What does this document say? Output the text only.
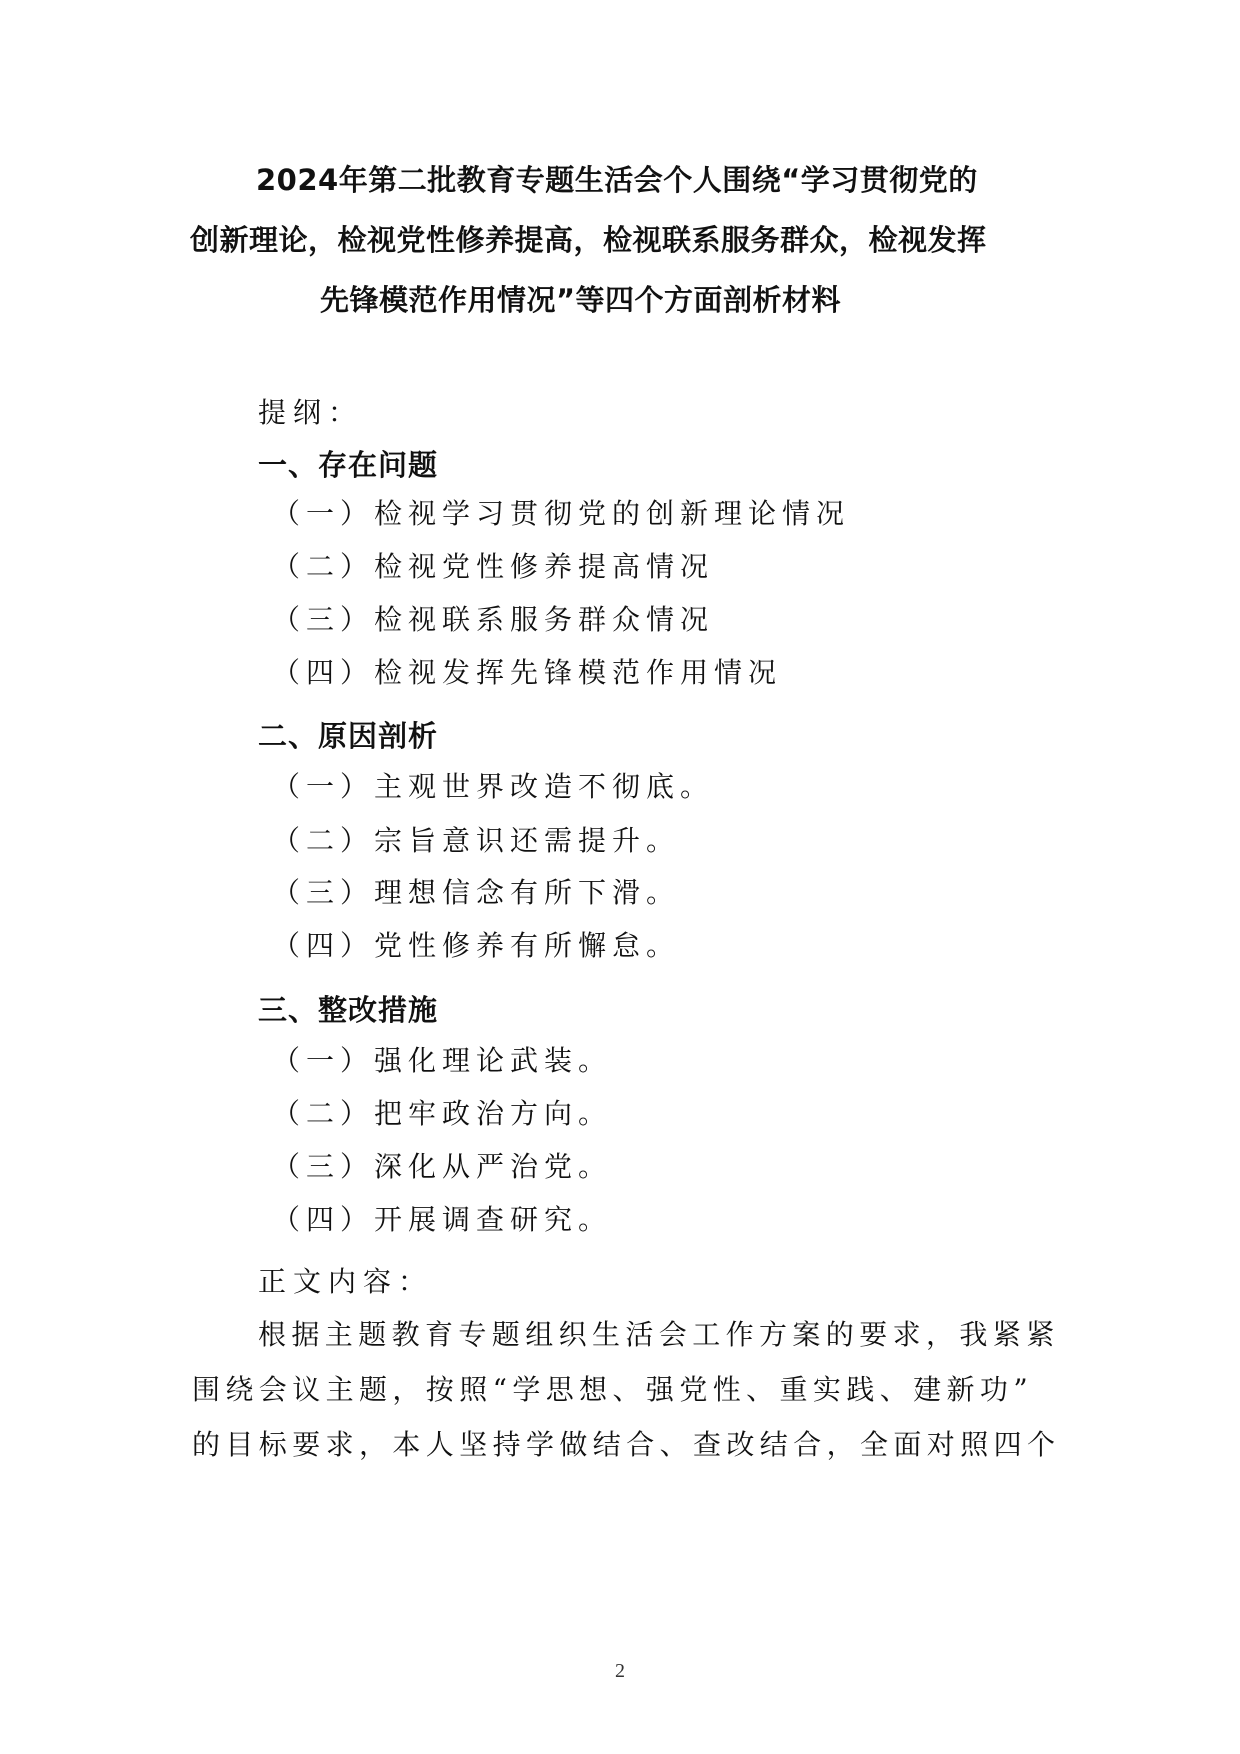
2024年第二批教育专题生活会个人围绕“学习贯彻党的
创新理论，检视党性修养提高，检视联系服务群众，检视发挥
先锋模范作用情况”等四个方面剖析材料
提纲：
一、存在问题
（一）检视学习贯彻党的创新理论情况
（二）检视党性修养提高情况
（三）检视联系服务群众情况
（四）检视发挥先锋模范作用情况
二、原因剖析
（一）主观世界改造不彻底。
（二）宗旨意识还需提升。
（三）理想信念有所下滑。
（四）党性修养有所懈怠。
三、整改措施
（一）强化理论武装。
（二）把牢政治方向。
（三）深化从严治党。
（四）开展调查研究。
正文内容：
根据主题教育专题组织生活会工作方案的要求，我紧紧
围绕会议主题，按照“学思想、强党性、重实践、建新功”
的目标要求，本人坚持学做结合、查改结合，全面对照四个
2
